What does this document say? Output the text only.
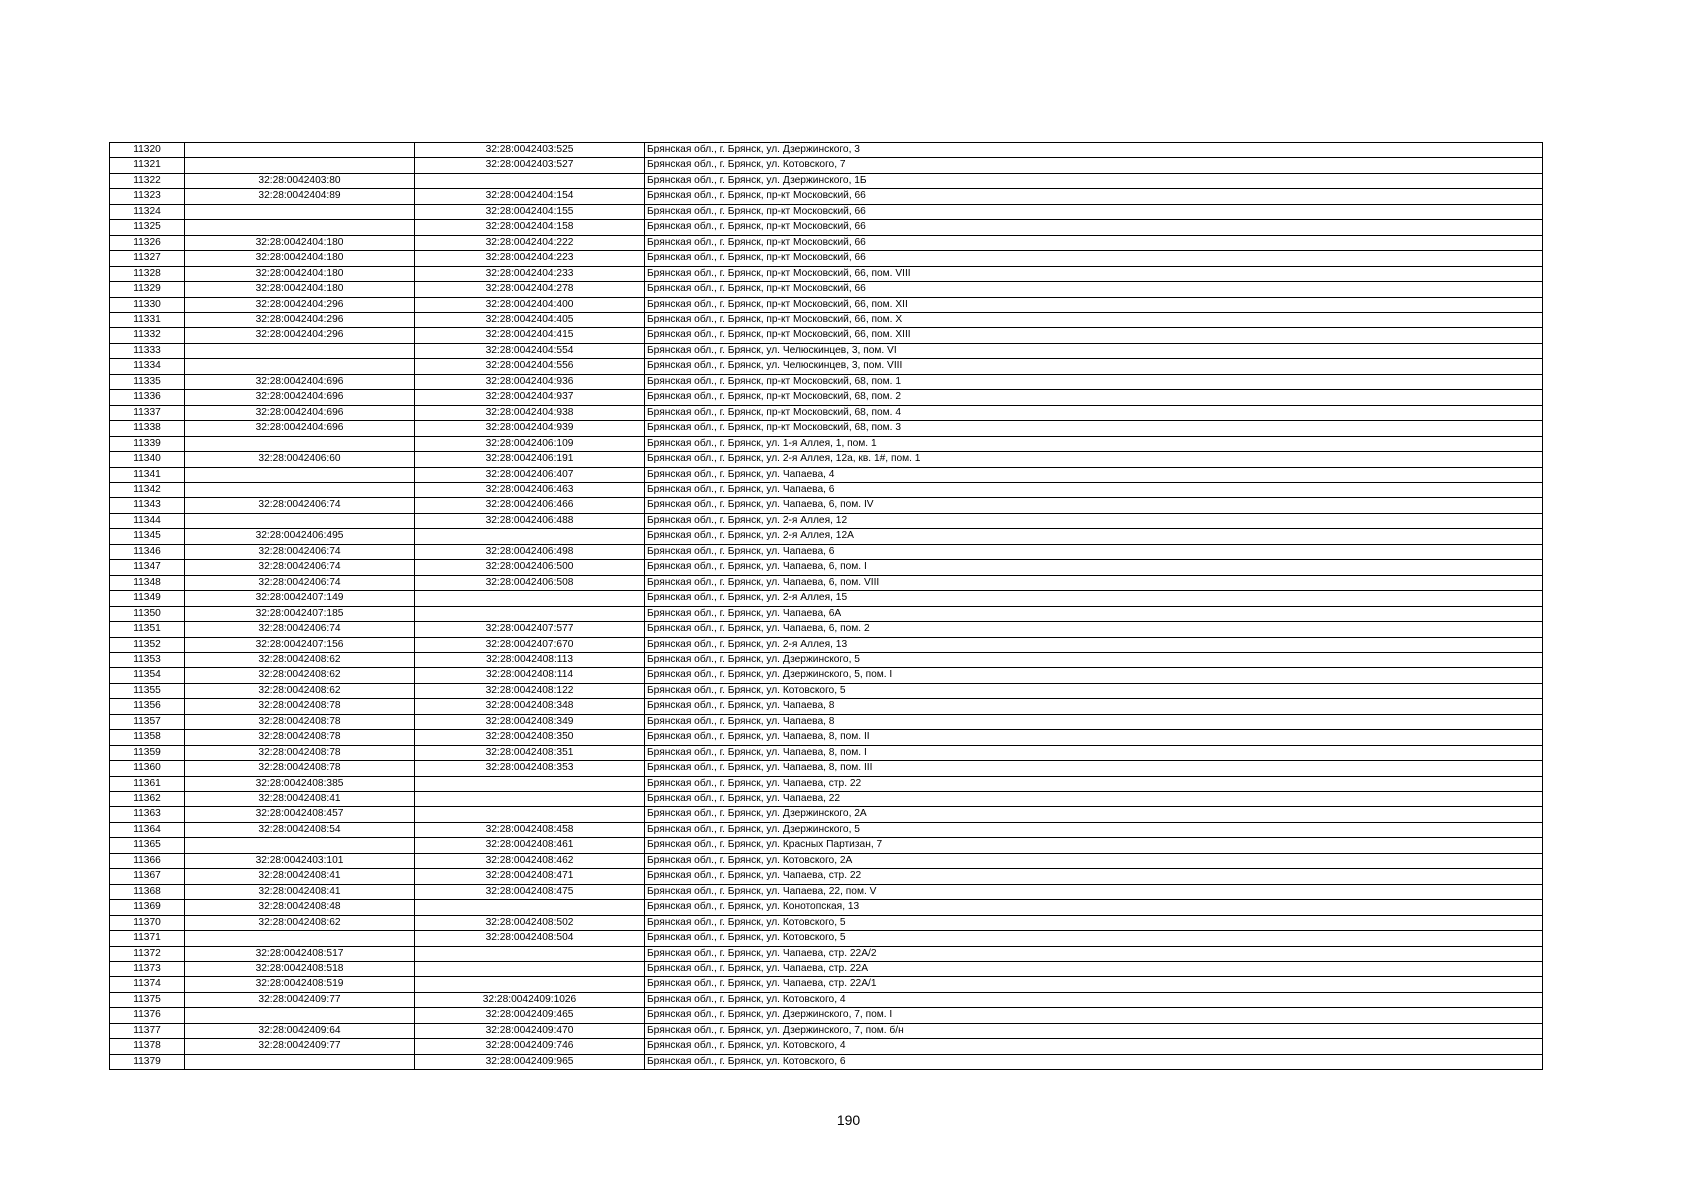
11320		32:28:0042403:525	Брянская обл., г. Брянск, ул. Дзержинского, 3
11321		32:28:0042403:527	Брянская обл., г. Брянск, ул. Котовского, 7
11322	32:28:0042403:80		Брянская обл., г. Брянск, ул. Дзержинского, 1Б
11323	32:28:0042404:89	32:28:0042404:154	Брянская обл., г. Брянск, пр-кт Московский, 66
11324		32:28:0042404:155	Брянская обл., г. Брянск, пр-кт Московский, 66
11325		32:28:0042404:158	Брянская обл., г. Брянск, пр-кт Московский, 66
11326	32:28:0042404:180	32:28:0042404:222	Брянская обл., г. Брянск, пр-кт Московский, 66
11327	32:28:0042404:180	32:28:0042404:223	Брянская обл., г. Брянск, пр-кт Московский, 66
11328	32:28:0042404:180	32:28:0042404:233	Брянская обл., г. Брянск, пр-кт Московский, 66, пом. VIII
11329	32:28:0042404:180	32:28:0042404:278	Брянская обл., г. Брянск, пр-кт Московский, 66
11330	32:28:0042404:296	32:28:0042404:400	Брянская обл., г. Брянск, пр-кт Московский, 66, пом. XII
11331	32:28:0042404:296	32:28:0042404:405	Брянская обл., г. Брянск, пр-кт Московский, 66, пом. X
11332	32:28:0042404:296	32:28:0042404:415	Брянская обл., г. Брянск, пр-кт Московский, 66, пом. XIII
11333		32:28:0042404:554	Брянская обл., г. Брянск, ул. Челюскинцев, 3, пом. VI
11334		32:28:0042404:556	Брянская обл., г. Брянск, ул. Челюскинцев, 3, пом. VIII
11335	32:28:0042404:696	32:28:0042404:936	Брянская обл., г. Брянск, пр-кт Московский, 68, пом. 1
11336	32:28:0042404:696	32:28:0042404:937	Брянская обл., г. Брянск, пр-кт Московский, 68, пом. 2
11337	32:28:0042404:696	32:28:0042404:938	Брянская обл., г. Брянск, пр-кт Московский, 68, пом. 4
11338	32:28:0042404:696	32:28:0042404:939	Брянская обл., г. Брянск, пр-кт Московский, 68, пом. 3
11339		32:28:0042406:109	Брянская обл., г. Брянск, ул. 1-я Аллея, 1, пом. 1
11340	32:28:0042406:60	32:28:0042406:191	Брянская обл., г. Брянск, ул. 2-я Аллея, 12а, кв. 1#, пом. 1
11341		32:28:0042406:407	Брянская обл., г. Брянск, ул. Чапаева, 4
11342		32:28:0042406:463	Брянская обл., г. Брянск, ул. Чапаева, 6
11343	32:28:0042406:74	32:28:0042406:466	Брянская обл., г. Брянск, ул. Чапаева, 6, пом. IV
11344		32:28:0042406:488	Брянская обл., г. Брянск, ул. 2-я Аллея, 12
11345	32:28:0042406:495		Брянская обл., г. Брянск, ул. 2-я Аллея, 12А
11346	32:28:0042406:74	32:28:0042406:498	Брянская обл., г. Брянск, ул. Чапаева, 6
11347	32:28:0042406:74	32:28:0042406:500	Брянская обл., г. Брянск, ул. Чапаева, 6, пом. I
11348	32:28:0042406:74	32:28:0042406:508	Брянская обл., г. Брянск, ул. Чапаева, 6, пом. VIII
11349	32:28:0042407:149		Брянская обл., г. Брянск, ул. 2-я Аллея, 15
11350	32:28:0042407:185		Брянская обл., г. Брянск, ул. Чапаева, 6А
11351	32:28:0042406:74	32:28:0042407:577	Брянская обл., г. Брянск, ул. Чапаева, 6, пом. 2
11352	32:28:0042407:156	32:28:0042407:670	Брянская обл., г. Брянск, ул. 2-я Аллея, 13
11353	32:28:0042408:62	32:28:0042408:113	Брянская обл., г. Брянск, ул. Дзержинского, 5
11354	32:28:0042408:62	32:28:0042408:114	Брянская обл., г. Брянск, ул. Дзержинского, 5, пом. I
11355	32:28:0042408:62	32:28:0042408:122	Брянская обл., г. Брянск, ул. Котовского, 5
11356	32:28:0042408:78	32:28:0042408:348	Брянская обл., г. Брянск, ул. Чапаева, 8
11357	32:28:0042408:78	32:28:0042408:349	Брянская обл., г. Брянск, ул. Чапаева, 8
11358	32:28:0042408:78	32:28:0042408:350	Брянская обл., г. Брянск, ул. Чапаева, 8, пом. II
11359	32:28:0042408:78	32:28:0042408:351	Брянская обл., г. Брянск, ул. Чапаева, 8, пом. I
11360	32:28:0042408:78	32:28:0042408:353	Брянская обл., г. Брянск, ул. Чапаева, 8, пом. III
11361	32:28:0042408:385		Брянская обл., г. Брянск, ул. Чапаева, стр. 22
11362	32:28:0042408:41		Брянская обл., г. Брянск, ул. Чапаева, 22
11363	32:28:0042408:457		Брянская обл., г. Брянск, ул. Дзержинского, 2А
11364	32:28:0042408:54	32:28:0042408:458	Брянская обл., г. Брянск, ул. Дзержинского, 5
11365		32:28:0042408:461	Брянская обл., г. Брянск, ул. Красных Партизан, 7
11366	32:28:0042403:101	32:28:0042408:462	Брянская обл., г. Брянск, ул. Котовского, 2А
11367	32:28:0042408:41	32:28:0042408:471	Брянская обл., г. Брянск, ул. Чапаева, стр. 22
11368	32:28:0042408:41	32:28:0042408:475	Брянская обл., г. Брянск, ул. Чапаева, 22, пом. V
11369	32:28:0042408:48		Брянская обл., г. Брянск, ул. Конотопская, 13
11370	32:28:0042408:62	32:28:0042408:502	Брянская обл., г. Брянск, ул. Котовского, 5
11371		32:28:0042408:504	Брянская обл., г. Брянск, ул. Котовского, 5
11372	32:28:0042408:517		Брянская обл., г. Брянск, ул. Чапаева, стр. 22А/2
11373	32:28:0042408:518		Брянская обл., г. Брянск, ул. Чапаева, стр. 22А
11374	32:28:0042408:519		Брянская обл., г. Брянск, ул. Чапаева, стр. 22А/1
11375	32:28:0042409:77	32:28:0042409:1026	Брянская обл., г. Брянск, ул. Котовского, 4
11376		32:28:0042409:465	Брянская обл., г. Брянск, ул. Дзержинского, 7, пом. I
11377	32:28:0042409:64	32:28:0042409:470	Брянская обл., г. Брянск, ул. Дзержинского, 7, пом. б/н
11378	32:28:0042409:77	32:28:0042409:746	Брянская обл., г. Брянск, ул. Котовского, 4
11379		32:28:0042409:965	Брянская обл., г. Брянск, ул. Котовского, 6
190
